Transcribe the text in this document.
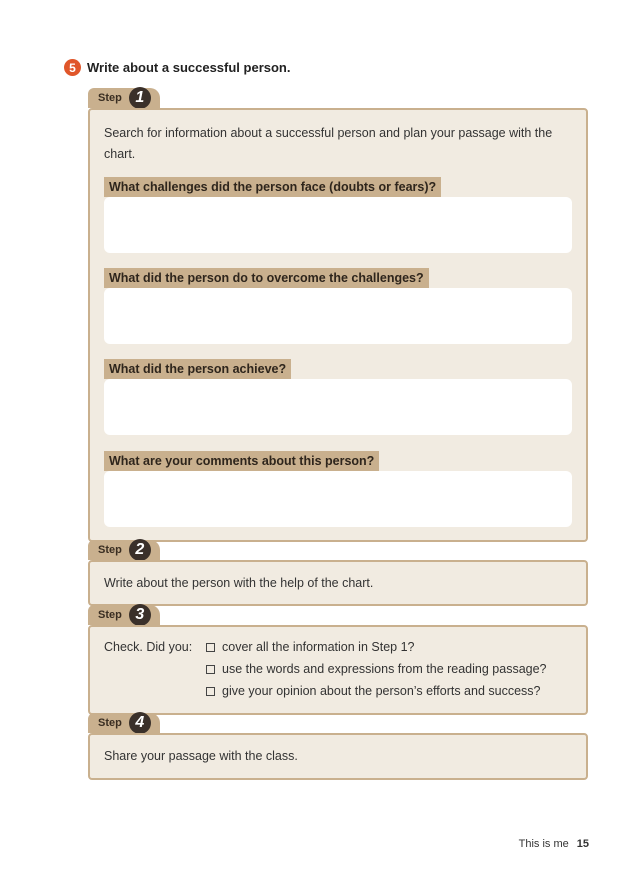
5 Write about a successful person.
Step 1
Search for information about a successful person and plan your passage with the chart.
What challenges did the person face (doubts or fears)?
What did the person do to overcome the challenges?
What did the person achieve?
What are your comments about this person?
Step 2
Write about the person with the help of the chart.
Step 3
Check. Did you: cover all the information in Step 1?
use the words and expressions from the reading passage?
give your opinion about the person’s efforts and success?
Step 4
Share your passage with the class.
This is me 15
